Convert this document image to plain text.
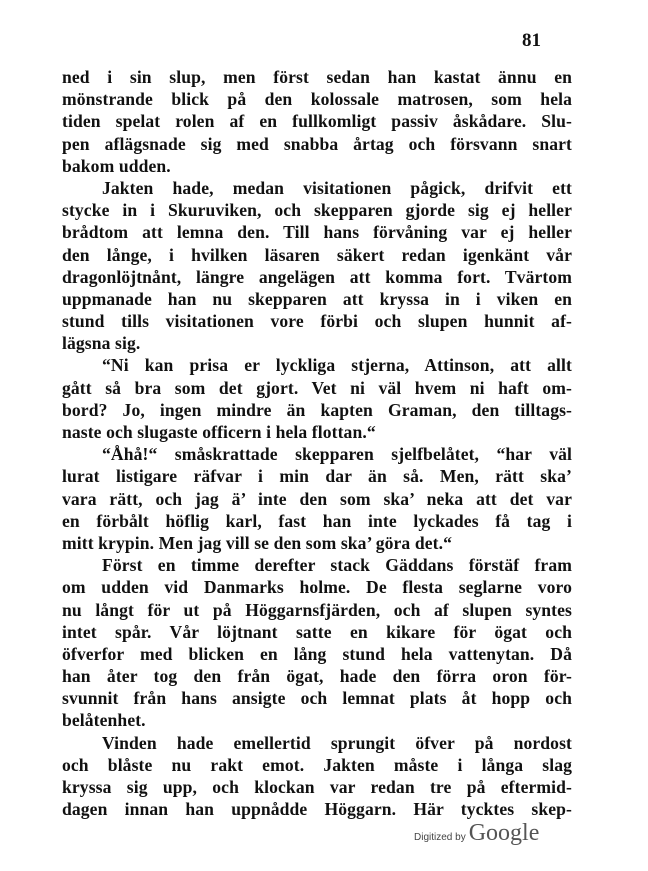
81
ned i sin slup, men först sedan han kastat ännu en
mönstrande blick på den kolossale matrosen, som hela
tiden spelat rolen af en fullkomligt passiv åskådare. Slu-
pen aflägsnade sig med snabba årtag och försvann snart
bakom udden.
Jakten hade, medan visitationen pågick, drifvit ett
stycke in i Skuruviken, och skepparen gjorde sig ej heller
brådtom att lemna den. Till hans förvåning var ej heller
den långe, i hvilken läsaren säkert redan igenkänt vår
dragonlöjtnånt, längre angelägen att komma fort. Tvärtom
uppmanade han nu skepparen att kryssa in i viken en
stund tills visitationen vore förbi och slupen hunnit af-
lägsna sig.
“Ni kan prisa er lyckliga stjerna, Attinson, att allt
gått så bra som det gjort. Vet ni väl hvem ni haft om-
bord? Jo, ingen mindre än kapten Graman, den tilltags-
naste och slugaste officern i hela flottan.“
“Åhå!“ småskrattade skepparen sjelfbelåtet, “har väl
lurat listigare räfvar i min dar än så. Men, rätt ska’
vara rätt, och jag ä’ inte den som ska’ neka att det var
en förbålt höflig karl, fast han inte lyckades få tag i
mitt krypin. Men jag vill se den som ska’ göra det.“
Först en timme derefter stack Gäddans förstäf fram
om udden vid Danmarks holme. De flesta seglarne voro
nu långt för ut på Höggarnsfjärden, och af slupen syntes
intet spår. Vår löjtnant satte en kikare för ögat och
öfverfor med blicken en lång stund hela vattenytan. Då
han åter tog den från ögat, hade den förra oron för-
svunnit från hans ansigte och lemnat plats åt hopp och
belåtenhet.
Vinden hade emellertid sprungit öfver på nordost
och blåste nu rakt emot. Jakten måste i långa slag
kryssa sig upp, och klockan var redan tre på eftermid-
dagen innan han uppnådde Höggarn. Här tycktes skep-
Digitized by Google
